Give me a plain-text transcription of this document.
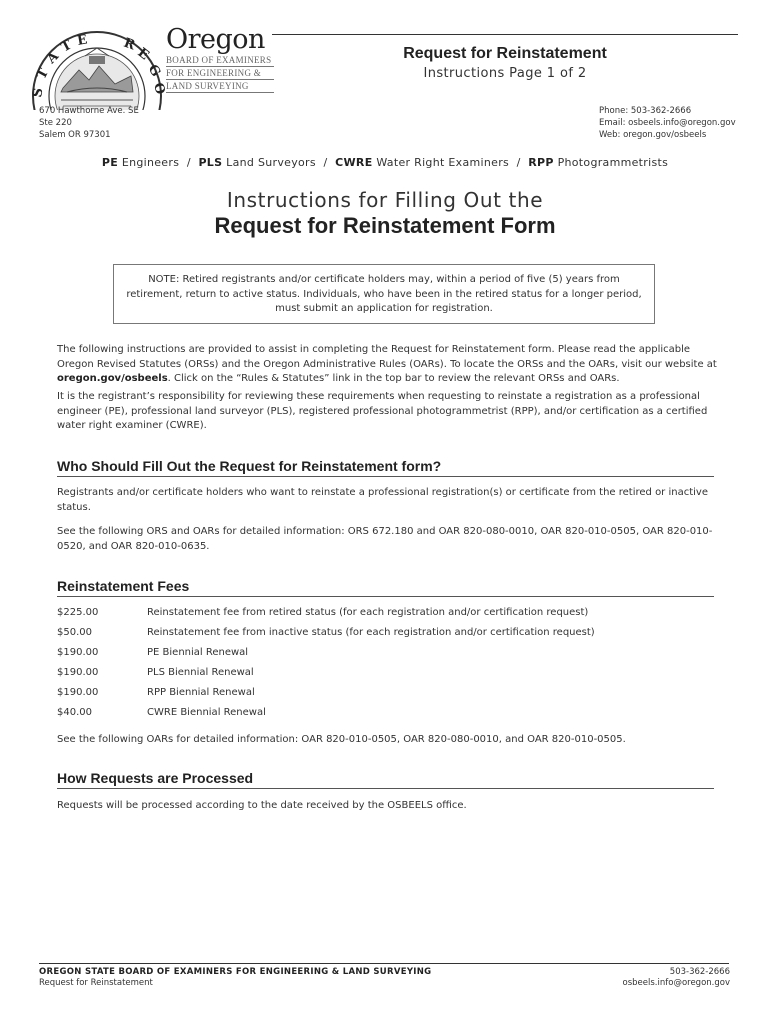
S
T
A
T E	R
E
G
O
Oregon
BOARD OF EXAMINERS
FOR ENGINEERING &
LAND SURVEYING
Request for Reinstatement
Instructions Page 1 of 2
670 Hawthorne Ave. SE
Ste 220
Salem OR 97301
Phone: 503-362-2666
Email: osbeels.info@oregon.gov
Web: oregon.gov/osbeels
PE Engineers  /  PLS Land Surveyors  /  CWRE Water Right Examiners  /  RPP Photogrammetrists
Instructions for Filling Out the
Request for Reinstatement Form
NOTE: Retired registrants and/or certificate holders may, within a period of five (5) years from retirement, return to active status. Individuals, who have been in the retired status for a longer period, must submit an application for registration.
The following instructions are provided to assist in completing the Request for Reinstatement form. Please read the applicable Oregon Revised Statutes (ORSs) and the Oregon Administrative Rules (OARs). To locate the ORSs and the OARs, visit our website at oregon.gov/osbeels. Click on the “Rules & Statutes” link in the top bar to review the relevant ORSs and OARs.
It is the registrant’s responsibility for reviewing these requirements when requesting to reinstate a registration as a professional engineer (PE), professional land surveyor (PLS), registered professional photogrammetrist (RPP), and/or certification as a certified water right examiner (CWRE).
Who Should Fill Out the Request for Reinstatement form?
Registrants and/or certificate holders who want to reinstate a professional registration(s) or certificate from the retired or inactive status.
See the following ORS and OARs for detailed information: ORS 672.180 and OAR 820-080-0010, OAR 820-010-0505, OAR 820-010-0520, and OAR 820-010-0635.
Reinstatement Fees
$225.00	Reinstatement fee from retired status (for each registration and/or certification request)
$50.00	Reinstatement fee from inactive status (for each registration and/or certification request)
$190.00	PE Biennial Renewal
$190.00	PLS Biennial Renewal
$190.00	RPP Biennial Renewal
$40.00	CWRE Biennial Renewal
See the following OARs for detailed information: OAR 820-010-0505, OAR 820-080-0010, and OAR 820-010-0505.
How Requests are Processed
Requests will be processed according to the date received by the OSBEELS office.
OREGON STATE BOARD OF EXAMINERS FOR ENGINEERING & LAND SURVEYING
Request for Reinstatement
503-362-2666
osbeels.info@oregon.gov
